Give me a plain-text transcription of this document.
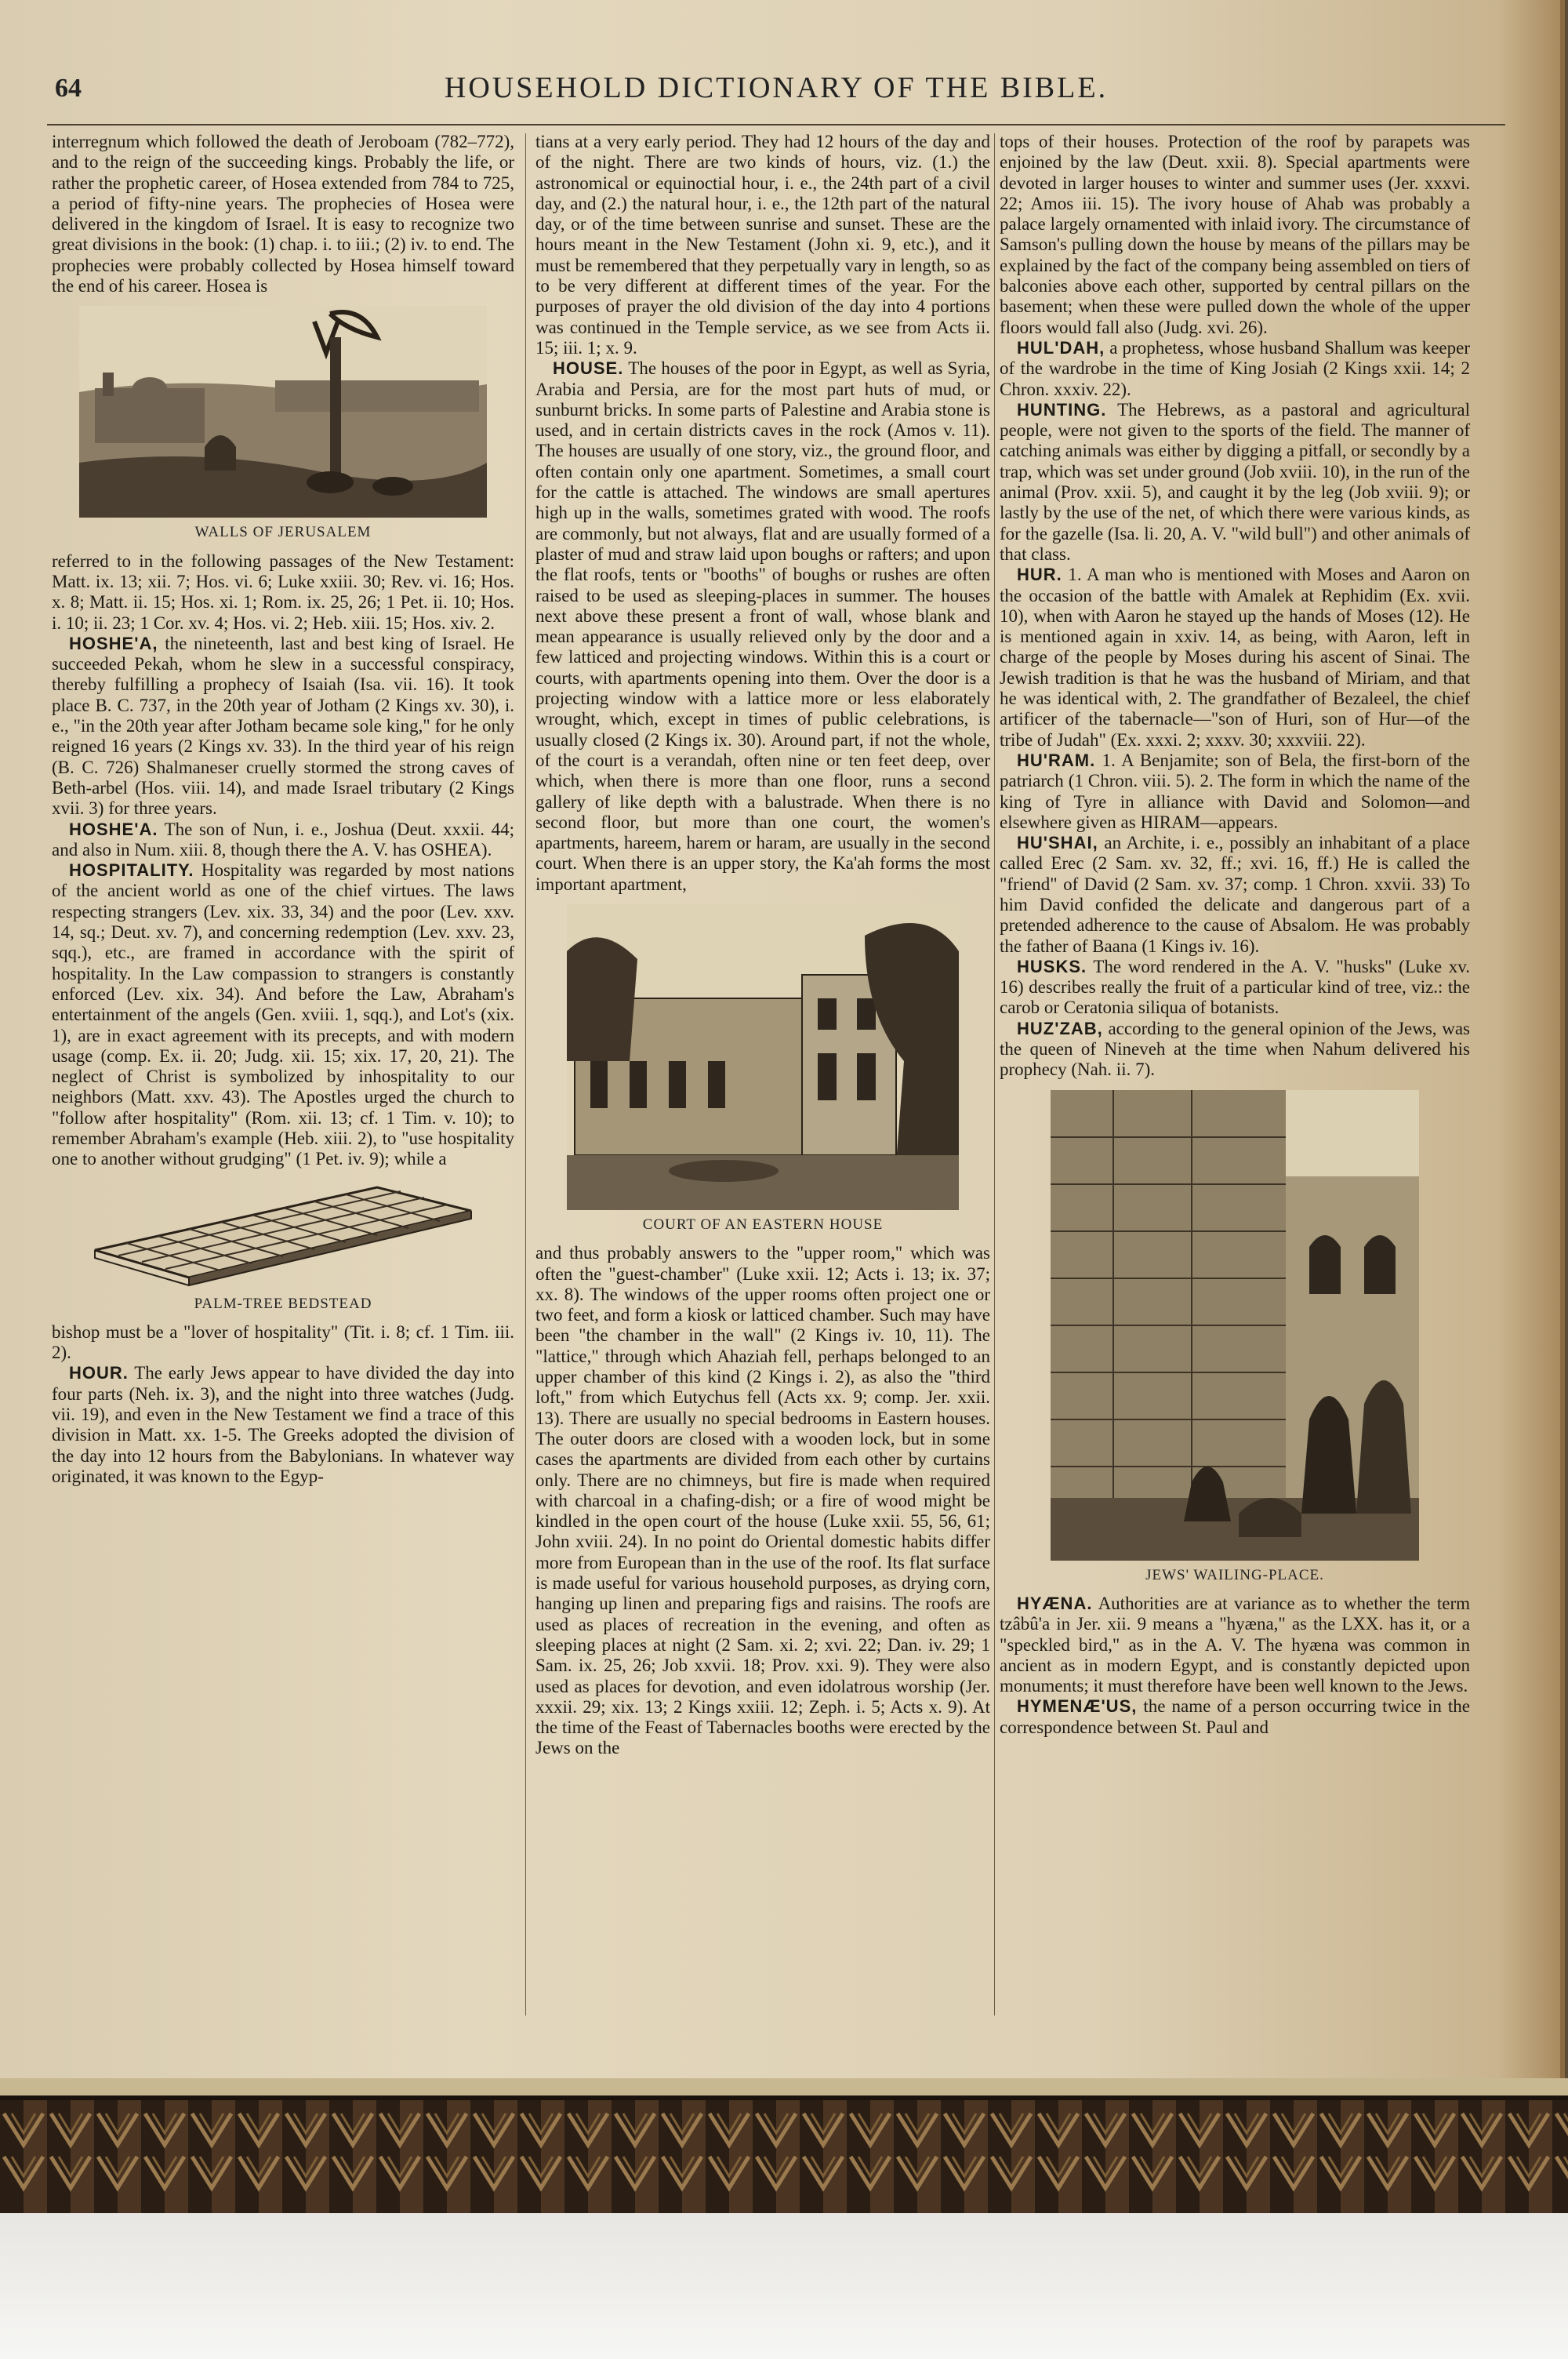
64	HOUSEHOLD DICTIONARY OF THE BIBLE.

interregnum which followed the death of Jeroboam (782–772), and to the reign of the succeeding kings. Probably the life, or rather the prophetic career, of Hosea extended from 784 to 725, a period of fifty-nine years. The prophecies of Hosea were delivered in the kingdom of Israel. It is easy to recognize two great divisions in the book: (1) chap. i. to iii.; (2) iv. to end. The prophecies were probably collected by Hosea himself toward the end of his career. Hosea is

WALLS OF JERUSALEM

referred to in the following passages of the New Testament: Matt. ix. 13; xii. 7; Hos. vi. 6; Luke xxiii. 30; Rev. vi. 16; Hos. x. 8; Matt. ii. 15; Hos. xi. 1; Rom. ix. 25, 26; 1 Pet. ii. 10; Hos. i. 10; ii. 23; 1 Cor. xv. 4; Hos. vi. 2; Heb. xiii. 15; Hos. xiv. 2.

HOSHE'A, the nineteenth, last and best king of Israel. He succeeded Pekah, whom he slew in a successful conspiracy, thereby fulfilling a prophecy of Isaiah (Isa. vii. 16). It took place B. C. 737, in the 20th year of Jotham (2 Kings xv. 30), i. e., "in the 20th year after Jotham became sole king," for he only reigned 16 years (2 Kings xv. 33). In the third year of his reign (B. C. 726) Shalmaneser cruelly stormed the strong caves of Beth-arbel (Hos. viii. 14), and made Israel tributary (2 Kings xvii. 3) for three years.

HOSHE'A. The son of Nun, i. e., Joshua (Deut. xxxii. 44; and also in Num. xiii. 8, though there the A. V. has OSHEA).

HOSPITALITY. Hospitality was regarded by most nations of the ancient world as one of the chief virtues. The laws respecting strangers (Lev. xix. 33, 34) and the poor (Lev. xxv. 14, sq.; Deut. xv. 7), and concerning redemption (Lev. xxv. 23, sqq.), etc., are framed in accordance with the spirit of hospitality. In the Law compassion to strangers is constantly enforced (Lev. xix. 34). And before the Law, Abraham's entertainment of the angels (Gen. xviii. 1, sqq.), and Lot's (xix. 1), are in exact agreement with its precepts, and with modern usage (comp. Ex. ii. 20; Judg. xii. 15; xix. 17, 20, 21). The neglect of Christ is symbolized by inhospitality to our neighbors (Matt. xxv. 43). The Apostles urged the church to "follow after hospitality" (Rom. xii. 13; cf. 1 Tim. v. 10); to remember Abraham's example (Heb. xiii. 2), to "use hospitality one to another without grudging" (1 Pet. iv. 9); while a

PALM-TREE BEDSTEAD

bishop must be a "lover of hospitality" (Tit. i. 8; cf. 1 Tim. iii. 2).

HOUR. The early Jews appear to have divided the day into four parts (Neh. ix. 3), and the night into three watches (Judg. vii. 19), and even in the New Testament we find a trace of this division in Matt. xx. 1-5. The Greeks adopted the division of the day into 12 hours from the Babylonians. In whatever way originated, it was known to the Egyp-

tians at a very early period. They had 12 hours of the day and of the night. There are two kinds of hours, viz. (1.) the astronomical or equinoctial hour, i. e., the 24th part of a civil day, and (2.) the natural hour, i. e., the 12th part of the natural day, or of the time between sunrise and sunset. These are the hours meant in the New Testament (John xi. 9, etc.), and it must be remembered that they perpetually vary in length, so as to be very different at different times of the year. For the purposes of prayer the old division of the day into 4 portions was continued in the Temple service, as we see from Acts ii. 15; iii. 1; x. 9.

HOUSE. The houses of the poor in Egypt, as well as Syria, Arabia and Persia, are for the most part huts of mud, or sunburnt bricks. In some parts of Palestine and Arabia stone is used, and in certain districts caves in the rock (Amos v. 11). The houses are usually of one story, viz., the ground floor, and often contain only one apartment. Sometimes, a small court for the cattle is attached. The windows are small apertures high up in the walls, sometimes grated with wood. The roofs are commonly, but not always, flat and are usually formed of a plaster of mud and straw laid upon boughs or rafters; and upon the flat roofs, tents or "booths" of boughs or rushes are often raised to be used as sleeping-places in summer. The houses next above these present a front of wall, whose blank and mean appearance is usually relieved only by the door and a few latticed and projecting windows. Within this is a court or courts, with apartments opening into them. Over the door is a projecting window with a lattice more or less elaborately wrought, which, except in times of public celebrations, is usually closed (2 Kings ix. 30). Around part, if not the whole, of the court is a verandah, often nine or ten feet deep, over which, when there is more than one floor, runs a second gallery of like depth with a balustrade. When there is no second floor, but more than one court, the women's apartments, hareem, harem or haram, are usually in the second court. When there is an upper story, the Ka'ah forms the most important apartment,

COURT OF AN EASTERN HOUSE

and thus probably answers to the "upper room," which was often the "guest-chamber" (Luke xxii. 12; Acts i. 13; ix. 37; xx. 8). The windows of the upper rooms often project one or two feet, and form a kiosk or latticed chamber. Such may have been "the chamber in the wall" (2 Kings iv. 10, 11). The "lattice," through which Ahaziah fell, perhaps belonged to an upper chamber of this kind (2 Kings i. 2), as also the "third loft," from which Eutychus fell (Acts xx. 9; comp. Jer. xxii. 13). There are usually no special bedrooms in Eastern houses. The outer doors are closed with a wooden lock, but in some cases the apartments are divided from each other by curtains only. There are no chimneys, but fire is made when required with charcoal in a chafing-dish; or a fire of wood might be kindled in the open court of the house (Luke xxii. 55, 56, 61; John xviii. 24). In no point do Oriental domestic habits differ more from European than in the use of the roof. Its flat surface is made useful for various household purposes, as drying corn, hanging up linen and preparing figs and raisins. The roofs are used as places of recreation in the evening, and often as sleeping places at night (2 Sam. xi. 2; xvi. 22; Dan. iv. 29; 1 Sam. ix. 25, 26; Job xxvii. 18; Prov. xxi. 9). They were also used as places for devotion, and even idolatrous worship (Jer. xxxii. 29; xix. 13; 2 Kings xxiii. 12; Zeph. i. 5; Acts x. 9). At the time of the Feast of Tabernacles booths were erected by the Jews on the

tops of their houses. Protection of the roof by parapets was enjoined by the law (Deut. xxii. 8). Special apartments were devoted in larger houses to winter and summer uses (Jer. xxxvi. 22; Amos iii. 15). The ivory house of Ahab was probably a palace largely ornamented with inlaid ivory. The circumstance of Samson's pulling down the house by means of the pillars may be explained by the fact of the company being assembled on tiers of balconies above each other, supported by central pillars on the basement; when these were pulled down the whole of the upper floors would fall also (Judg. xvi. 26).

HUL'DAH, a prophetess, whose husband Shallum was keeper of the wardrobe in the time of King Josiah (2 Kings xxii. 14; 2 Chron. xxxiv. 22).

HUNTING. The Hebrews, as a pastoral and agricultural people, were not given to the sports of the field. The manner of catching animals was either by digging a pitfall, or secondly by a trap, which was set under ground (Job xviii. 10), in the run of the animal (Prov. xxii. 5), and caught it by the leg (Job xviii. 9); or lastly by the use of the net, of which there were various kinds, as for the gazelle (Isa. li. 20, A. V. "wild bull") and other animals of that class.

HUR. 1. A man who is mentioned with Moses and Aaron on the occasion of the battle with Amalek at Rephidim (Ex. xvii. 10), when with Aaron he stayed up the hands of Moses (12). He is mentioned again in xxiv. 14, as being, with Aaron, left in charge of the people by Moses during his ascent of Sinai. The Jewish tradition is that he was the husband of Miriam, and that he was identical with, 2. The grandfather of Bezaleel, the chief artificer of the tabernacle—"son of Huri, son of Hur—of the tribe of Judah" (Ex. xxxi. 2; xxxv. 30; xxxviii. 22).

HU'RAM. 1. A Benjamite; son of Bela, the first-born of the patriarch (1 Chron. viii. 5). 2. The form in which the name of the king of Tyre in alliance with David and Solomon—and elsewhere given as HIRAM—appears.

HU'SHAI, an Archite, i. e., possibly an inhabitant of a place called Erec (2 Sam. xv. 32, ff.; xvi. 16, ff.) He is called the "friend" of David (2 Sam. xv. 37; comp. 1 Chron. xxvii. 33) To him David confided the delicate and dangerous part of a pretended adherence to the cause of Absalom. He was probably the father of Baana (1 Kings iv. 16).

HUSKS. The word rendered in the A. V. "husks" (Luke xv. 16) describes really the fruit of a particular kind of tree, viz.: the carob or Ceratonia siliqua of botanists.

HUZ'ZAB, according to the general opinion of the Jews, was the queen of Nineveh at the time when Nahum delivered his prophecy (Nah. ii. 7).

JEWS' WAILING-PLACE.

HYÆNA. Authorities are at variance as to whether the term tzâbû'a in Jer. xii. 9 means a "hyæna," as the LXX. has it, or a "speckled bird," as in the A. V. The hyæna was common in ancient as in modern Egypt, and is constantly depicted upon monuments; it must therefore have been well known to the Jews.

HYMENÆ'US, the name of a person occurring twice in the correspondence between St. Paul and
